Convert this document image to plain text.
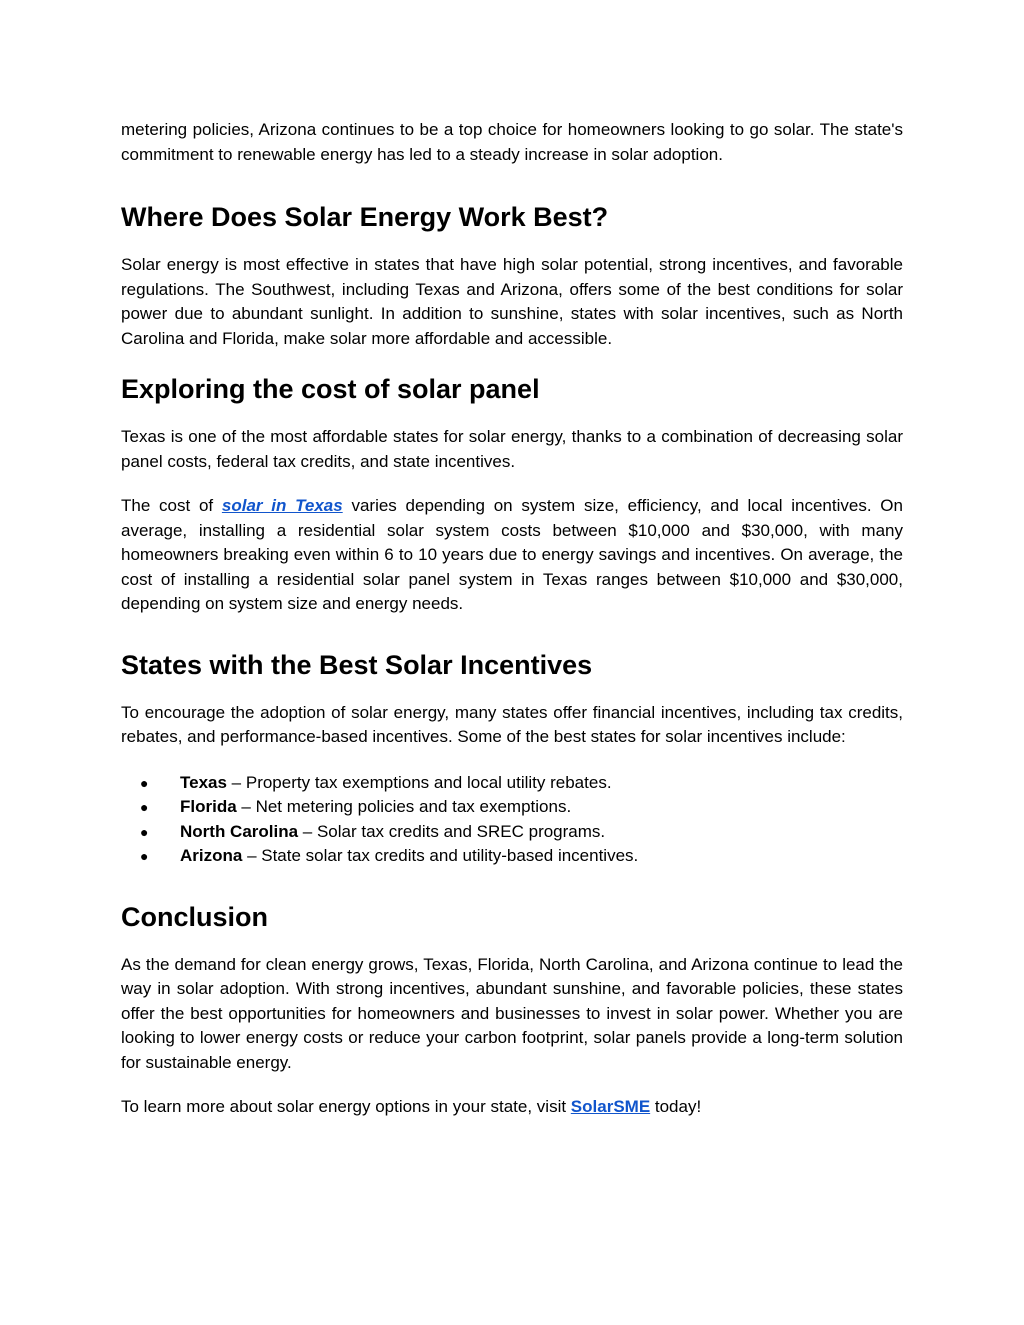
metering policies, Arizona continues to be a top choice for homeowners looking to go solar. The state's commitment to renewable energy has led to a steady increase in solar adoption.

Where Does Solar Energy Work Best?

Solar energy is most effective in states that have high solar potential, strong incentives, and favorable regulations. The Southwest, including Texas and Arizona, offers some of the best conditions for solar power due to abundant sunlight. In addition to sunshine, states with solar incentives, such as North Carolina and Florida, make solar more affordable and accessible.

Exploring the cost of solar panel

Texas is one of the most affordable states for solar energy, thanks to a combination of decreasing solar panel costs, federal tax credits, and state incentives.

The cost of solar in Texas varies depending on system size, efficiency, and local incentives. On average, installing a residential solar system costs between $10,000 and $30,000, with many homeowners breaking even within 6 to 10 years due to energy savings and incentives. On average, the cost of installing a residential solar panel system in Texas ranges between $10,000 and $30,000, depending on system size and energy needs.

States with the Best Solar Incentives

To encourage the adoption of solar energy, many states offer financial incentives, including tax credits, rebates, and performance-based incentives. Some of the best states for solar incentives include:

● Texas – Property tax exemptions and local utility rebates.
● Florida – Net metering policies and tax exemptions.
● North Carolina – Solar tax credits and SREC programs.
● Arizona – State solar tax credits and utility-based incentives.
Conclusion

As the demand for clean energy grows, Texas, Florida, North Carolina, and Arizona continue to lead the way in solar adoption. With strong incentives, abundant sunshine, and favorable policies, these states offer the best opportunities for homeowners and businesses to invest in solar power. Whether you are looking to lower energy costs or reduce your carbon footprint, solar panels provide a long-term solution for sustainable energy.

To learn more about solar energy options in your state, visit SolarSME today!
